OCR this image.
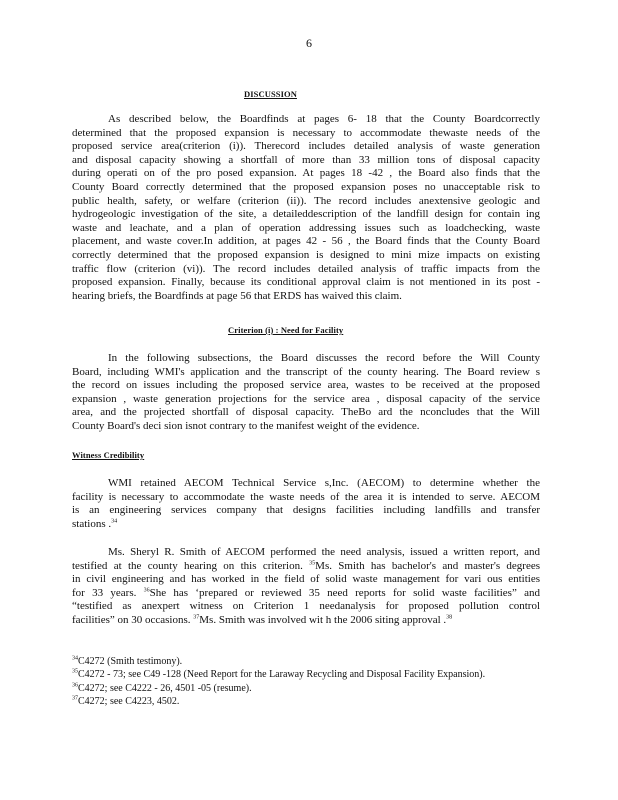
6
DISCUSSION
As described below, the Boardfinds at pages 6- 18 that the County Boardcorrectly
determined that the proposed expansion is necessary to accommodate thewaste needs of the
proposed service area(criterion (i)). Therecord includes detailed analysis of waste generation
and disposal capacity showing a shortfall of more than 33 million tons of disposal capacity
during operati on of the pro posed expansion. At pages 18 -42 , the Board also finds that the
County Board correctly determined that the proposed expansion poses no unacceptable risk to
public health, safety, or welfare (criterion (ii)). The record includes anextensive geologic and
hydrogeologic investigation of the site, a detaileddescription of the landfill design for contain ing
waste and leachate, and a plan of operation addressing issues such as loadchecking, waste
placement, and waste cover.In addition, at pages 42 - 56 , the Board finds that the County Board
correctly determined that the proposed expansion is designed to mini mize impacts on existing
traffic flow (criterion (vi)). The record includes detailed analysis of traffic impacts from the
proposed expansion. Finally, because its conditional approval claim is not mentioned in its post -
hearing briefs, the Boardfinds at page 56 that ERDS has waived this claim.
Criterion (i) : Need for Facility
In the following subsections, the Board discusses the record before the Will County
Board, including WMI's application and the transcript of the county hearing. The Board review s
the record on issues including the proposed service area, wastes to be received at the proposed
expansion , waste generation projections for the service area , disposal capacity of the service
area, and the projected shortfall of disposal capacity. TheBo ard the nconcludes that the Will
County Board's deci sion isnot contrary to the manifest weight of the evidence.
Witness Credibility
WMI retained AECOM Technical Service s,Inc. (AECOM) to determine whether the
facility is necessary to accommodate the waste needs of the area it is intended to serve. AECOM
is an engineering services company that designs facilities including landfills and transfer
stations .$^{34}$
Ms. Sheryl R. Smith of AECOM performed the need analysis, issued a written report, and
testified at the county hearing on this criterion. $^{35}$Ms. Smith has bachelor's and master's degrees
in civil engineering and has worked in the field of solid waste management for vari ous entities
for 33 years. $^{36}$She has ‘prepared or reviewed 35 need reports for solid waste facilities” and
“testified as anexpert witness on Criterion 1 needanalysis for proposed pollution control
facilities” on 30 occasions. $^{37}$Ms. Smith was involved wit h the 2006 siting approval .$^{38}$
$^{34}$C4272 (Smith testimony).
$^{35}$C4272 - 73; see C49 -128 (Need Report for the Laraway Recycling and Disposal Facility Expansion).
$^{36}$C4272; see C4222 - 26, 4501 -05 (resume).
$^{37}$C4272; see C4223, 4502.
